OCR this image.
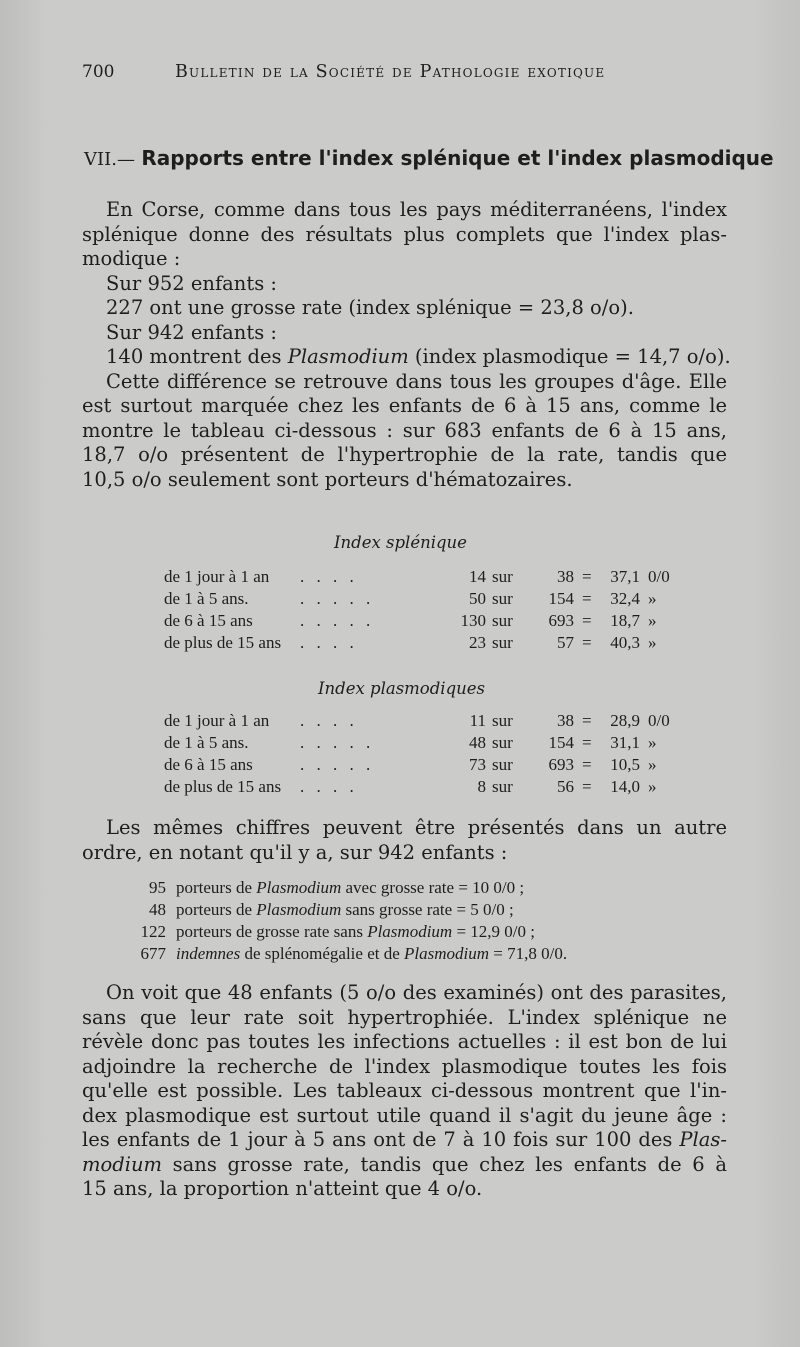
700	Bulletin de la Société de Pathologie exotique
VII.— Rapports entre l'index splénique et l'index plasmodique

En Corse, comme dans tous les pays méditerranéens, l'index
splénique donne des résultats plus complets que l'index plas-
modique :
Sur 952 enfants :
227 ont une grosse rate (index splénique = 23,8 o/o).
Sur 942 enfants :
140 montrent des Plasmodium (index plasmodique = 14,7 o/o).
Cette différence se retrouve dans tous les groupes d'âge. Elle
est surtout marquée chez les enfants de 6 à 15 ans, comme le
montre le tableau ci-dessous : sur 683 enfants de 6 à 15 ans,
18,7 o/o présentent de l'hypertrophie de la rate, tandis que
10,5 o/o seulement sont porteurs d'hématozaires.

Index splénique
de 1 jour à 1 an . . . .	14 sur	38 =	37,1 0/0
de 1 à 5 ans.	. . . . .	50 sur	154 =	32,4 »
de 6 à 15 ans	. . . . .	130 sur	693 =	18,7 »
de plus de 15 ans . . . .	23 sur	57 =	40,3 »
Index plasmodiques
de 1 jour à 1 an . . . .	11 sur	38 =	28,9 0/0
de 1 à 5 ans.	. . . . .	48 sur	154 =	31,1 »
de 6 à 15 ans	. . . . .	73 sur	693 =	10,5 »
de plus de 15 ans . . . .	8 sur	56 =	14,0 »

Les mêmes chiffres peuvent être présentés dans un autre
ordre, en notant qu'il y a, sur 942 enfants :

95 porteurs de Plasmodium avec grosse rate = 10 0/0 ;
48 porteurs de Plasmodium sans grosse rate = 5 0/0 ;
122 porteurs de grosse rate sans Plasmodium = 12,9 0/0 ;
677 indemnes de splénomégalie et de Plasmodium = 71,8 0/0.

On voit que 48 enfants (5 o/o des examinés) ont des parasites,
sans que leur rate soit hypertrophiée. L'index splénique ne
révèle donc pas toutes les infections actuelles : il est bon de lui
adjoindre la recherche de l'index plasmodique toutes les fois
qu'elle est possible. Les tableaux ci-dessous montrent que l'in-
dex plasmodique est surtout utile quand il s'agit du jeune âge :
les enfants de 1 jour à 5 ans ont de 7 à 10 fois sur 100 des Plas-
modium sans grosse rate, tandis que chez les enfants de 6 à
15 ans, la proportion n'atteint que 4 o/o.
